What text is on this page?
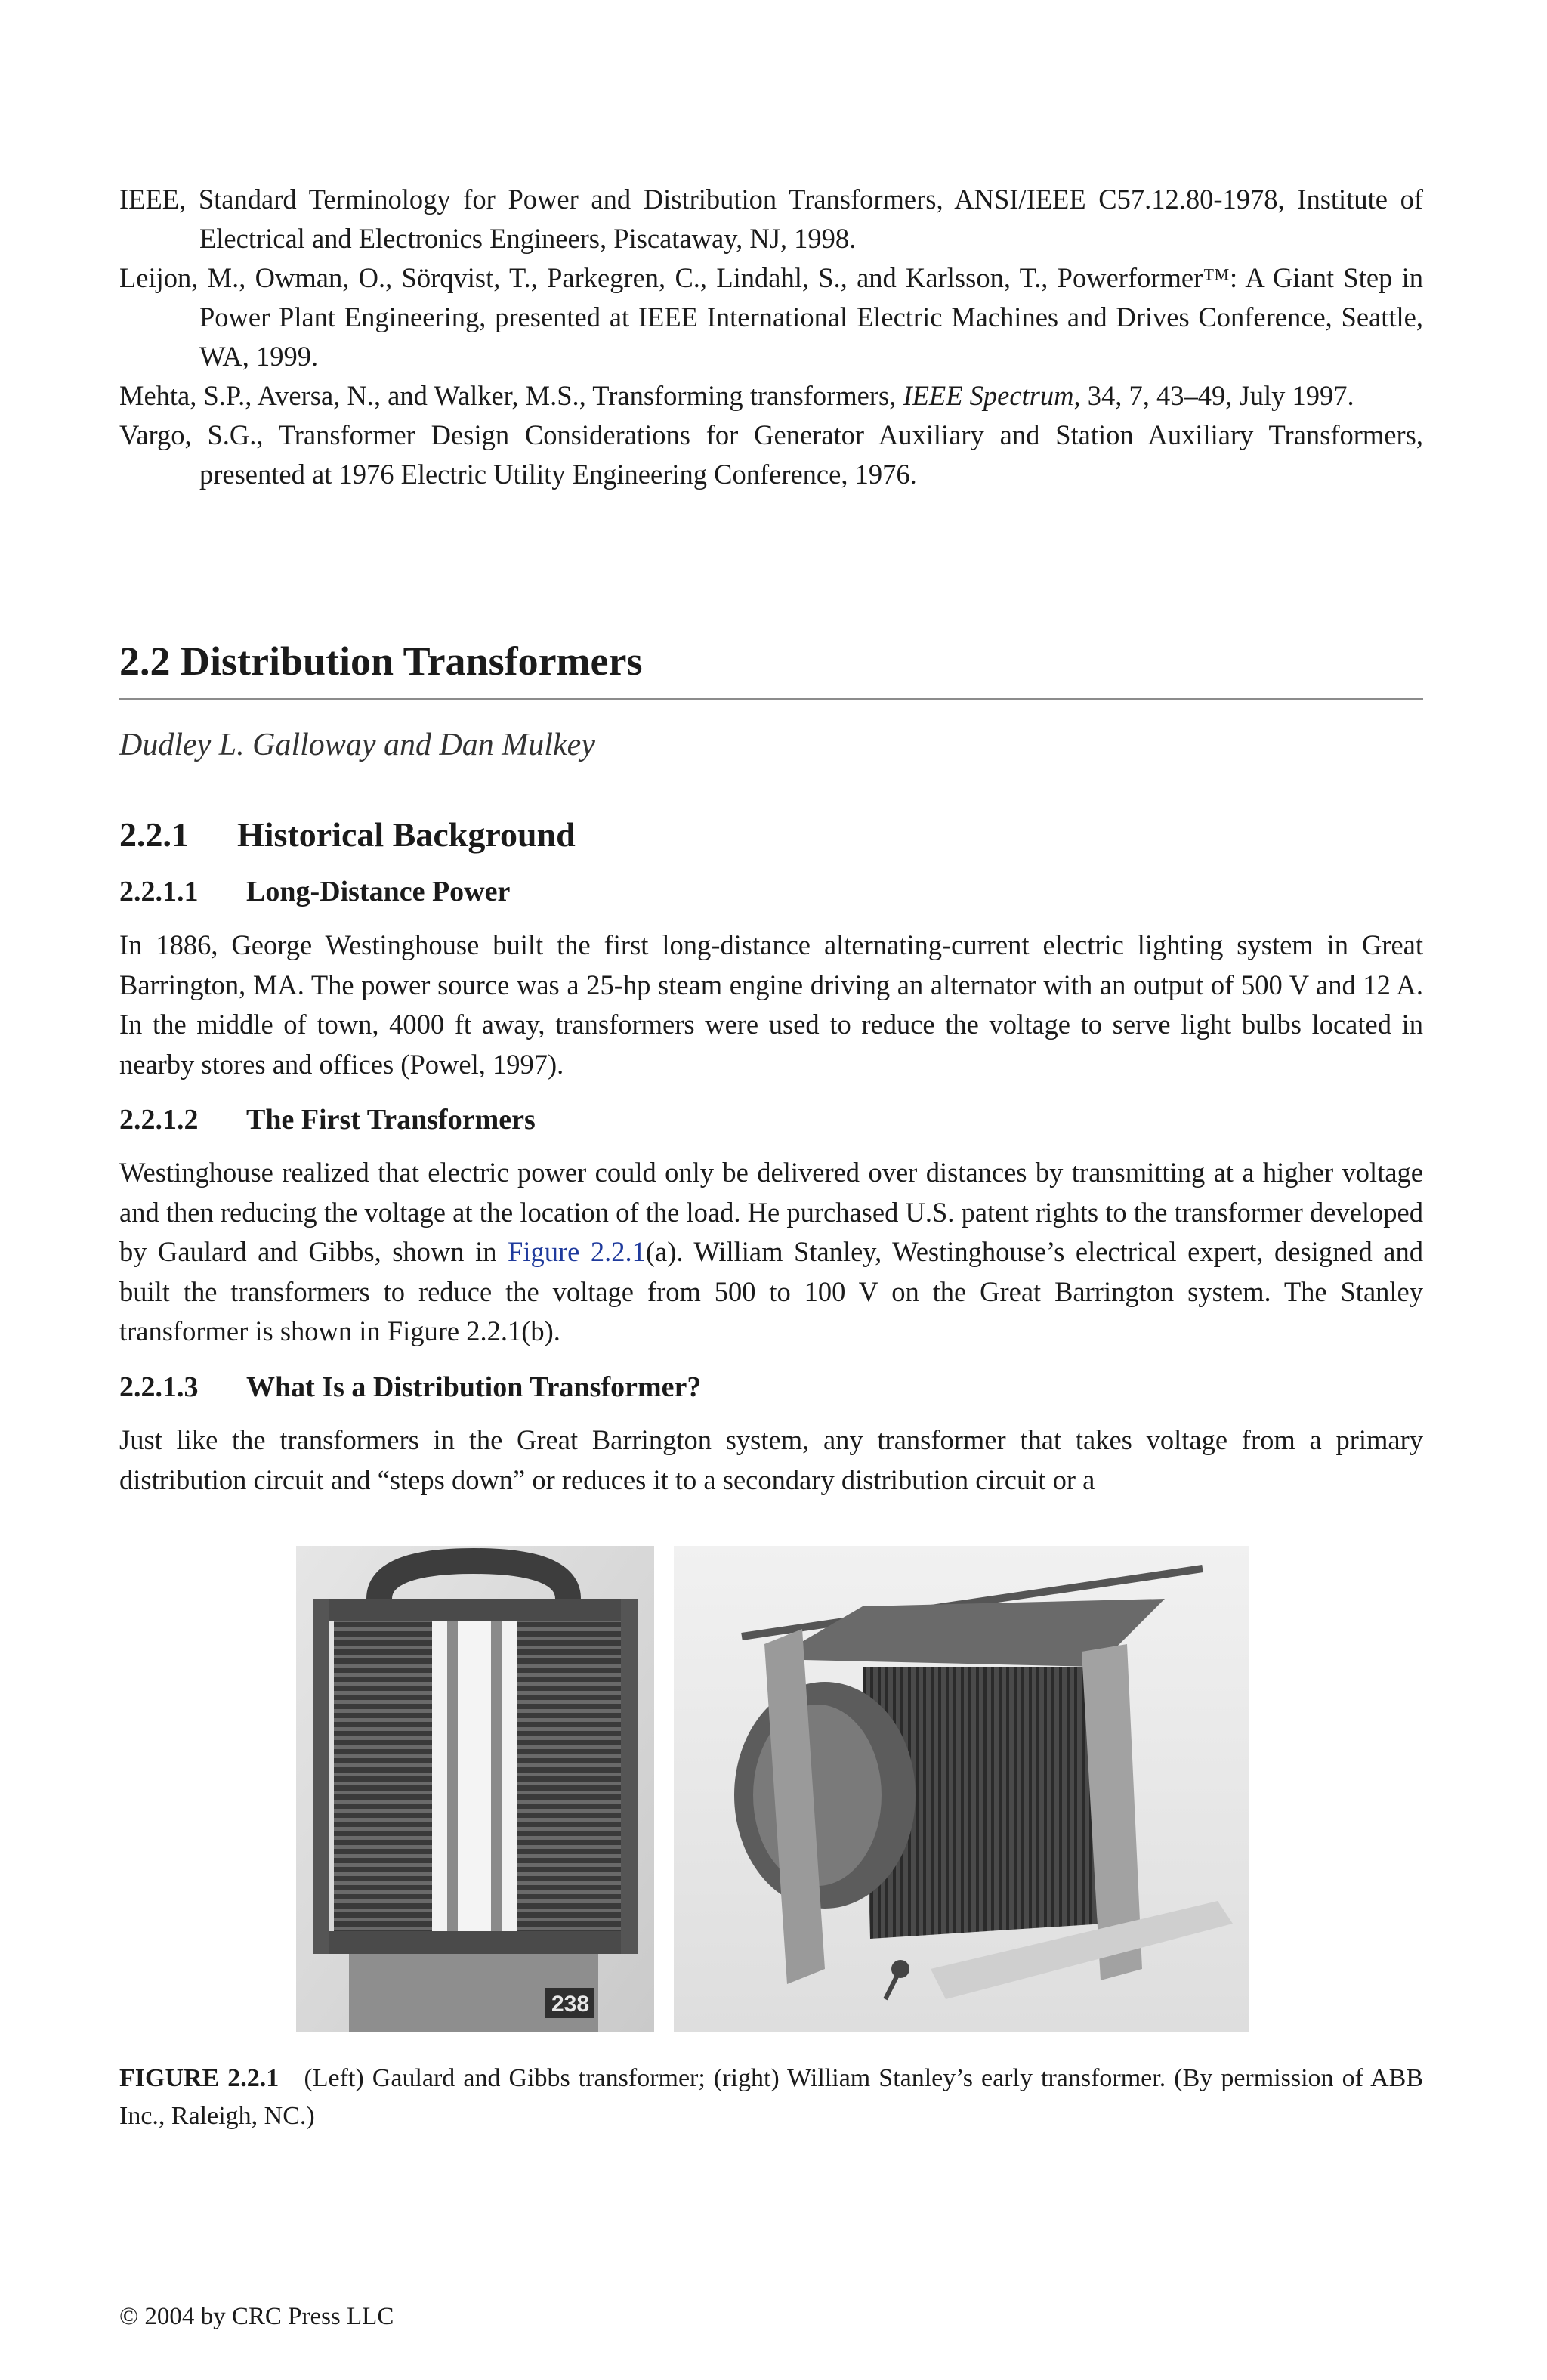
IEEE, Standard Terminology for Power and Distribution Transformers, ANSI/IEEE C57.12.80-1978, Institute of Electrical and Electronics Engineers, Piscataway, NJ, 1998.
Leijon, M., Owman, O., Sörqvist, T., Parkegren, C., Lindahl, S., and Karlsson, T., Powerformer™: A Giant Step in Power Plant Engineering, presented at IEEE International Electric Machines and Drives Conference, Seattle, WA, 1999.
Mehta, S.P., Aversa, N., and Walker, M.S., Transforming transformers, IEEE Spectrum, 34, 7, 43–49, July 1997.
Vargo, S.G., Transformer Design Considerations for Generator Auxiliary and Station Auxiliary Transformers, presented at 1976 Electric Utility Engineering Conference, 1976.
2.2 Distribution Transformers
Dudley L. Galloway and Dan Mulkey
2.2.1 Historical Background
2.2.1.1 Long-Distance Power
In 1886, George Westinghouse built the first long-distance alternating-current electric lighting system in Great Barrington, MA. The power source was a 25-hp steam engine driving an alternator with an output of 500 V and 12 A. In the middle of town, 4000 ft away, transformers were used to reduce the voltage to serve light bulbs located in nearby stores and offices (Powel, 1997).
2.2.1.2 The First Transformers
Westinghouse realized that electric power could only be delivered over distances by transmitting at a higher voltage and then reducing the voltage at the location of the load. He purchased U.S. patent rights to the transformer developed by Gaulard and Gibbs, shown in Figure 2.2.1(a). William Stanley, Westinghouse’s electrical expert, designed and built the transformers to reduce the voltage from 500 to 100 V on the Great Barrington system. The Stanley transformer is shown in Figure 2.2.1(b).
2.2.1.3 What Is a Distribution Transformer?
Just like the transformers in the Great Barrington system, any transformer that takes voltage from a primary distribution circuit and “steps down” or reduces it to a secondary distribution circuit or a
238
FIGURE 2.2.1 (Left) Gaulard and Gibbs transformer; (right) William Stanley’s early transformer. (By permission of ABB Inc., Raleigh, NC.)
© 2004 by CRC Press LLC
